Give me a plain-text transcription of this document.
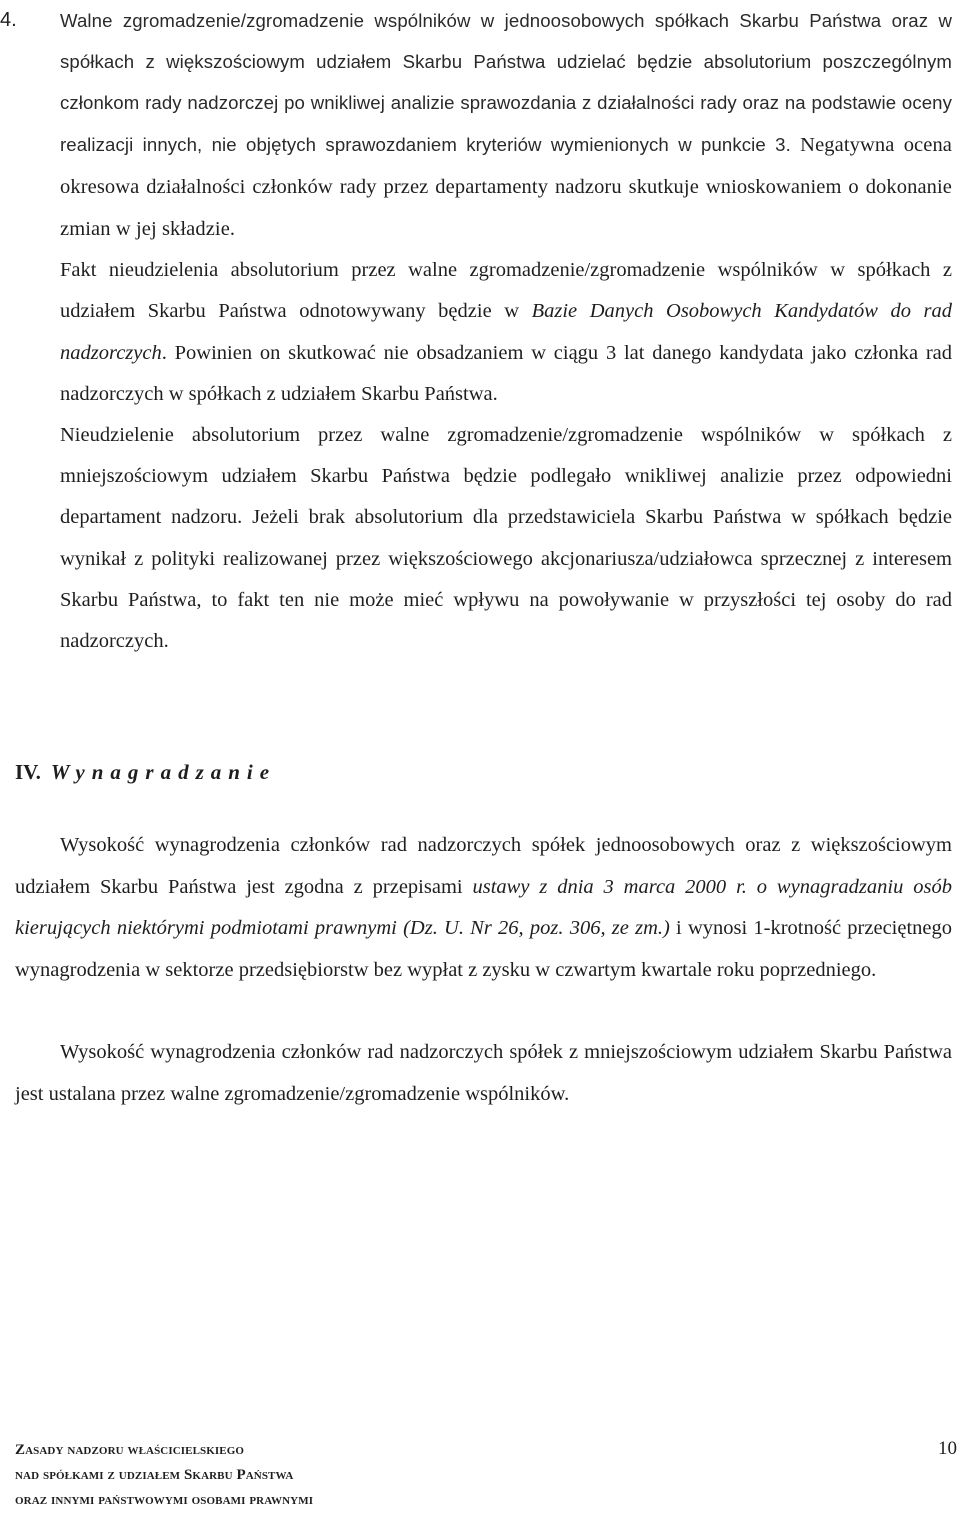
4.	Walne zgromadzenie/zgromadzenie wspólników w jednoosobowych spółkach Skarbu Państwa oraz w spółkach z większościowym udziałem Skarbu Państwa udzielać będzie absolutorium poszczególnym członkom rady nadzorczej po wnikliwej analizie sprawozdania z działalności rady oraz na podstawie oceny realizacji innych, nie objętych sprawozdaniem kryteriów wymienionych w punkcie 3. Negatywna ocena okresowa działalności członków rady przez departamenty nadzoru skutkuje wnioskowaniem o dokonanie zmian w jej składzie.

Fakt nieudzielenia absolutorium przez walne zgromadzenie/zgromadzenie wspólników w spółkach z udziałem Skarbu Państwa odnotowywany będzie w Bazie Danych Osobowych Kandydatów do rad nadzorczych. Powinien on skutkować nie obsadzaniem w ciągu 3 lat danego kandydata jako członka rad nadzorczych w spółkach z udziałem Skarbu Państwa.

Nieudzielenie absolutorium przez walne zgromadzenie/zgromadzenie wspólników w spółkach z mniejszościowym udziałem Skarbu Państwa będzie podlegało wnikliwej analizie przez odpowiedni departament nadzoru. Jeżeli brak absolutorium dla przedstawiciela Skarbu Państwa w spółkach będzie wynikał z polityki realizowanej przez większościowego akcjonariusza/udziałowca sprzecznej z interesem Skarbu Państwa, to fakt ten nie może mieć wpływu na powoływanie w przyszłości tej osoby do rad nadzorczych.

IV. Wynagradzanie

Wysokość wynagrodzenia członków rad nadzorczych spółek jednoosobowych oraz z większościowym udziałem Skarbu Państwa jest zgodna z przepisami ustawy z dnia 3 marca 2000 r. o wynagradzaniu osób kierujących niektórymi podmiotami prawnymi (Dz. U. Nr 26, poz. 306, ze zm.) i wynosi 1-krotność przeciętnego wynagrodzenia w sektorze przedsiębiorstw bez wypłat z zysku w czwartym kwartale roku poprzedniego.

Wysokość wynagrodzenia członków rad nadzorczych spółek z mniejszościowym udziałem Skarbu Państwa jest ustalana przez walne zgromadzenie/zgromadzenie wspólników.

Zasady nadzoru właścicielskiego
nad spółkami z udziałem Skarbu Państwa
oraz innymi państwowymi osobami prawnymi
10
